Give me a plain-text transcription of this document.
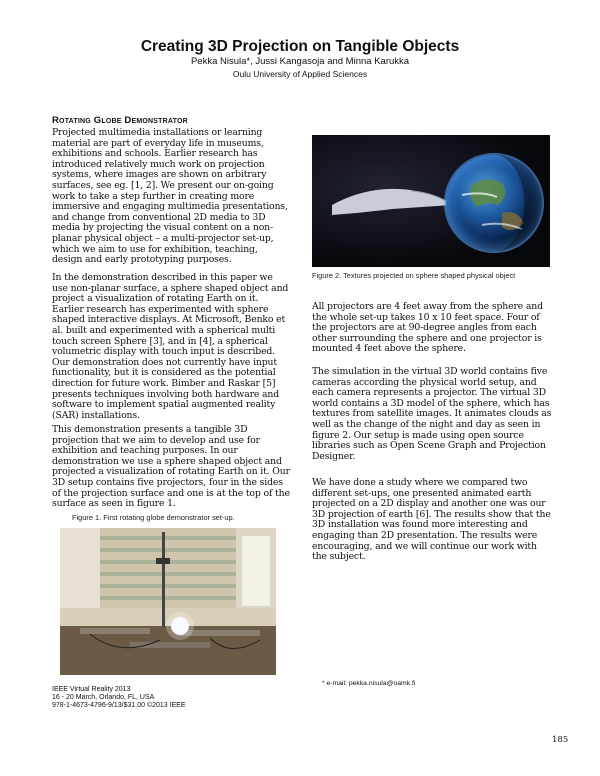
Creating 3D Projection on Tangible Objects
Pekka Nisula*, Jussi Kangasoja and Minna Karukka
Oulu University of Applied Sciences
Rotating Globe Demonstrator

Projected multimedia installations or learning material are part of everyday life in museums, exhibitions and schools. Earlier research has introduced relatively much work on projection systems, where images are shown on arbitrary surfaces, see eg. [1, 2]. We present our on-going work to take a step further in creating more immersive and engaging multimedia presentations, and change from conventional 2D media to 3D media by projecting the visual content on a non-planar physical object – a multi-projector set-up, which we aim to use for exhibition, teaching, design and early prototyping purposes.

In the demonstration described in this paper we use non-planar surface, a sphere shaped object and project a visualization of rotating Earth on it. Earlier research has experimented with sphere shaped interactive displays. At Microsoft, Benko et al. built and experimented with a spherical multi touch screen Sphere [3], and in [4], a spherical volumetric display with touch input is described. Our demonstration does not currently have input functionality, but it is considered as the potential direction for future work. Bimber and Raskar [5] presents techniques involving both hardware and software to implement spatial augmented reality (SAR) installations.

This demonstration presents a tangible 3D projection that we aim to develop and use for exhibition and teaching purposes. In our demonstration we use a sphere shaped object and projected a visualization of rotating Earth on it. Our 3D setup contains five projectors, four in the sides of the projection surface and one is at the top of the surface as seen in figure 1.

Figure 1. First rotating globe demonstrator set-up.
Figure 2. Textures projected on sphere shaped physical object

All projectors are 4 feet away from the sphere and the whole set-up takes 10 x 10 feet space. Four of the projectors are at 90-degree angles from each other surrounding the sphere and one projector is mounted 4 feet above the sphere.

The simulation in the virtual 3D world contains five cameras according the physical world setup, and each camera represents a projector. The virtual 3D world contains a 3D model of the sphere, which has textures from satellite images. It animates clouds as well as the change of the night and day as seen in figure 2. Our setup is made using open source libraries such as Open Scene Graph and Projection Designer.

We have done a study where we compared two different set-ups, one presented animated earth projected on a 2D display and another one was our 3D projection of earth [6]. The results show that the 3D installation was found more interesting and engaging than 2D presentation. The results were encouraging, and we will continue our work with the subject.

* e-mail: pekka.nisula@oamk.fi
IEEE Virtual Reality 2013
16 - 20 March, Orlando, FL, USA
978-1-4673-4796-9/13/$31.00 ©2013 IEEE
185
